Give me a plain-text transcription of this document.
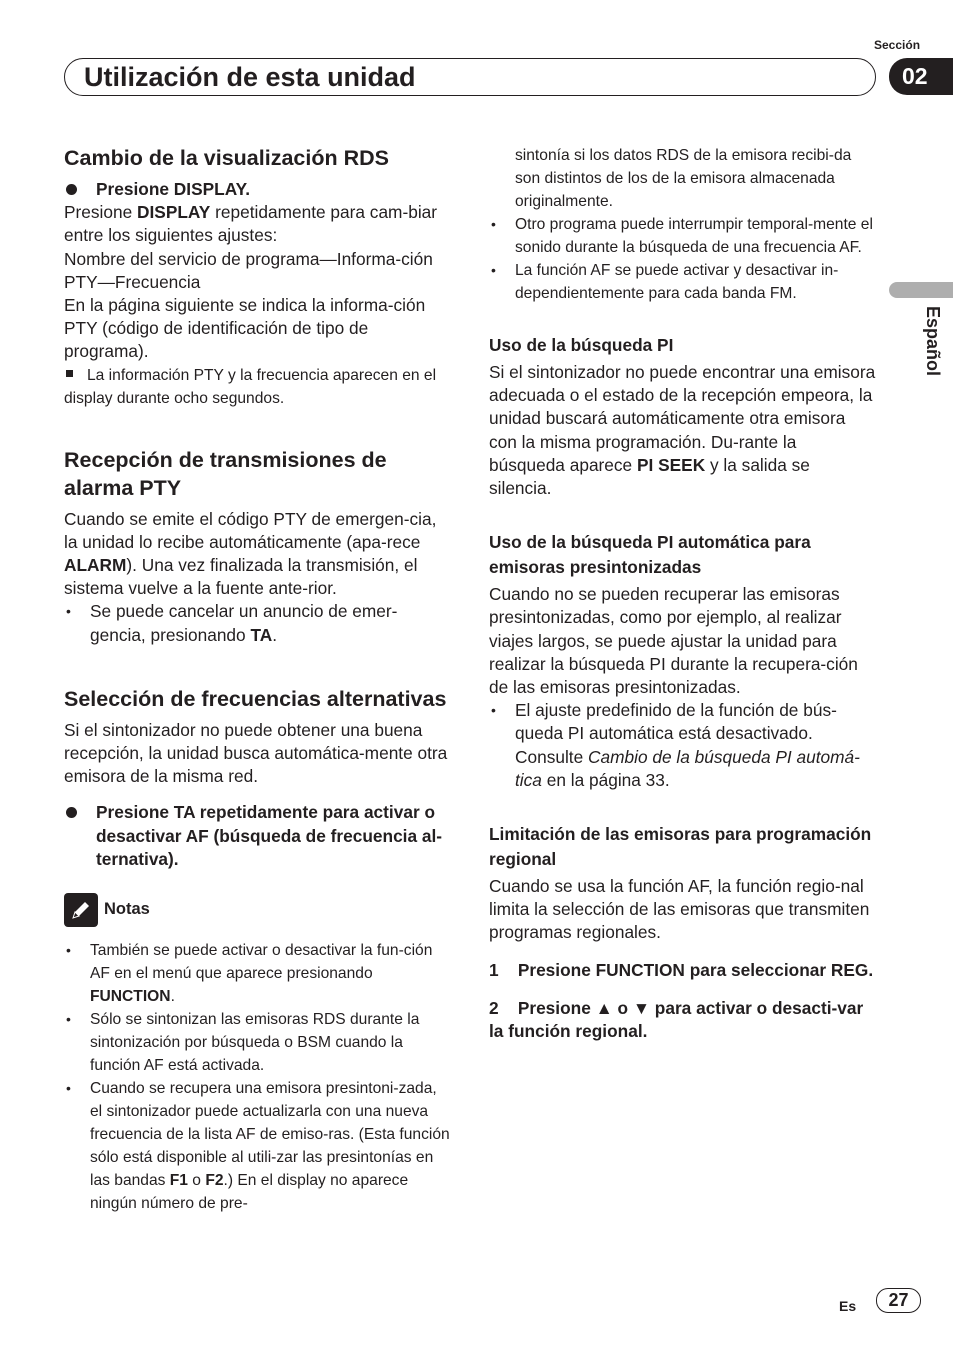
Sección
Utilización de esta unidad	02
Español
Cambio de la visualización RDS
Presione DISPLAY.

Presione DISPLAY repetidamente para cam-biar entre los siguientes ajustes:

Nombre del servicio de programa—Informa-ción PTY—Frecuencia

En la página siguiente se indica la informa-ción PTY (código de identificación de tipo de programa).

La información PTY y la frecuencia aparecen en el display durante ocho segundos.

Recepción de transmisiones de alarma PTY

Cuando se emite el código PTY de emergen-cia, la unidad lo recibe automáticamente (apa-rece ALARM). Una vez finalizada la transmisión, el sistema vuelve a la fuente ante-rior.

• Se puede cancelar un anuncio de emer-gencia, presionando TA.
Selección de frecuencias alternativas

Si el sintonizador no puede obtener una buena recepción, la unidad busca automática-mente otra emisora de la misma red.

Presione TA repetidamente para activar o desactivar AF (búsqueda de frecuencia al-ternativa).
Notas
• También se puede activar o desactivar la fun-ción AF en el menú que aparece presionando FUNCTION.
• Sólo se sintonizan las emisoras RDS durante la sintonización por búsqueda o BSM cuando la función AF está activada.
• Cuando se recupera una emisora presintoni-zada, el sintonizador puede actualizarla con una nueva frecuencia de la lista AF de emiso-ras. (Esta función sólo está disponible al utili-zar las presintonías en las bandas F1 o F2.) En el display no aparece ningún número de pre-
sintonía si los datos RDS de la emisora recibi-da son distintos de los de la emisora almacenada originalmente.
• Otro programa puede interrumpir temporal-mente el sonido durante la búsqueda de una frecuencia AF.
• La función AF se puede activar y desactivar in-dependientemente para cada banda FM.
Uso de la búsqueda PI

Si el sintonizador no puede encontrar una emisora adecuada o el estado de la recepción empeora, la unidad buscará automáticamente otra emisora con la misma programación. Du-rante la búsqueda aparece PI SEEK y la salida se silencia.

Uso de la búsqueda PI automática para emisoras presintonizadas

Cuando no se pueden recuperar las emisoras presintonizadas, como por ejemplo, al realizar viajes largos, se puede ajustar la unidad para realizar la búsqueda PI durante la recupera-ción de las emisoras presintonizadas.

• El ajuste predefinido de la función de bús-queda PI automática está desactivado. Consulte Cambio de la búsqueda PI automá-tica en la página 33.
Limitación de las emisoras para programación regional

Cuando se usa la función AF, la función regio-nal limita la selección de las emisoras que transmiten programas regionales.

1    Presione FUNCTION para seleccionar REG.
2    Presione ▲ o ▼ para activar o desacti-var la función regional.
Es	27
